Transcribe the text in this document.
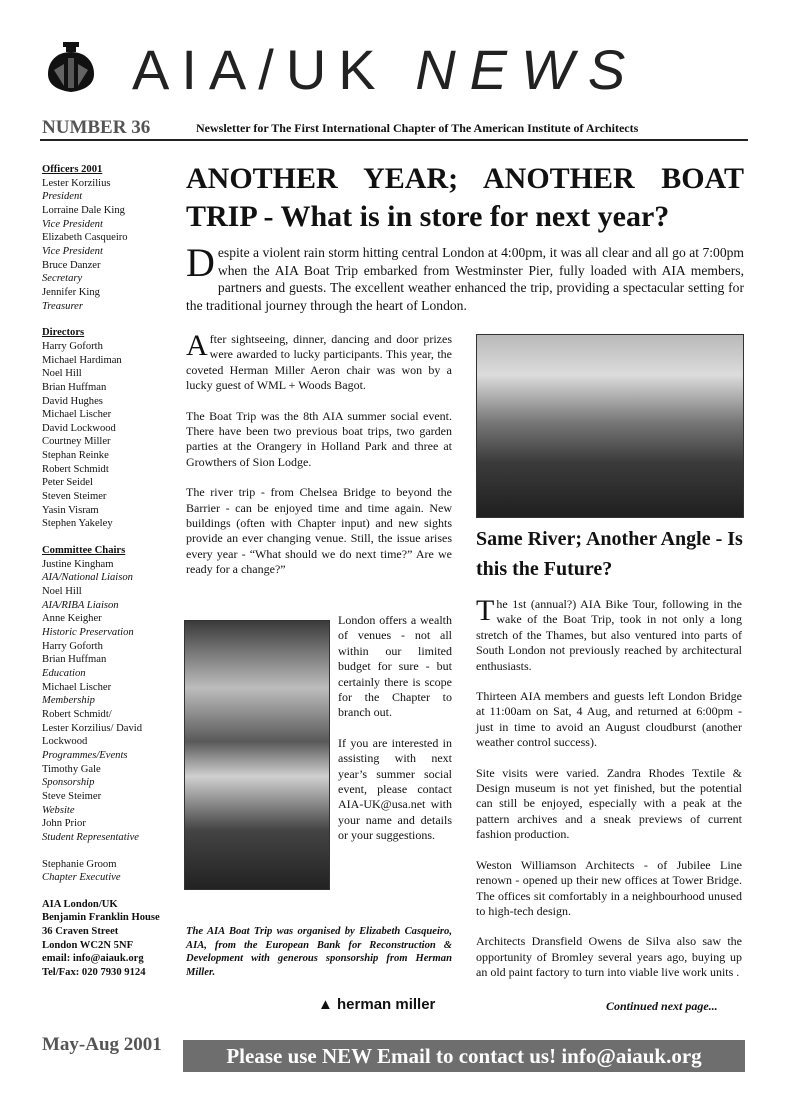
AIA/UK NEWS
NUMBER 36	Newsletter for The First International Chapter of The American Institute of Architects
Officers 2001
Lester Korzilius
President
Lorraine Dale King
Vice President
Elizabeth Casqueiro
Vice President
Bruce Danzer
Secretary
Jennifer King
Treasurer
Directors
Harry Goforth
Michael Hardiman
Noel Hill
Brian Huffman
David Hughes
Michael Lischer
David Lockwood
Courtney Miller
Stephan Reinke
Robert Schmidt
Peter Seidel
Steven Steimer
Yasin Visram
Stephen Yakeley
Committee Chairs
Justine Kingham
AIA/National Liaison
Noel Hill
AIA/RIBA Liaison
Anne Keigher
Historic Preservation
Harry Goforth
Brian Huffman
Education
Michael Lischer
Membership
Robert Schmidt/
Lester Korzilius/ David
Lockwood
Programmes/Events
Timothy Gale
Sponsorship
Steve Steimer
Website
John Prior
Student Representative
Stephanie Groom
Chapter Executive
AIA London/UK
Benjamin Franklin House
36 Craven Street
London WC2N 5NF
email: info@aiauk.org
Tel/Fax: 020 7930 9124
ANOTHER YEAR; ANOTHER BOAT TRIP - What is in store for next year?
Despite a violent rain storm hitting central London at 4:00pm, it was all clear and all go at 7:00pm when the AIA Boat Trip embarked from Westminster Pier, fully loaded with AIA members, partners and guests. The excellent weather enhanced the trip, providing a spectacular setting for the traditional journey through the heart of London.

After sightseeing, dinner, dancing and door prizes were awarded to lucky participants. This year, the coveted Herman Miller Aeron chair was won by a lucky guest of WML + Woods Bagot.

The Boat Trip was the 8th AIA summer social event. There have been two previous boat trips, two garden parties at the Orangery in Holland Park and three at Growthers of Sion Lodge.

The river trip - from Chelsea Bridge to beyond the Barrier - can be enjoyed time and time again. New buildings (often with Chapter input) and new sights provide an ever changing venue. Still, the issue arises every year - “What should we do next time?” Are we ready for a change?”

London offers a wealth of venues - not all within our limited budget for sure - but certainly there is scope for the Chapter to branch out.

If you are interested in assisting with next year’s summer social event, please contact AIA-UK@usa.net with your name and details or your suggestions.

The AIA Boat Trip was organised by Elizabeth Casqueiro, AIA, from the European Bank for Reconstruction & Development with generous sponsorship from Herman Miller.
▲ herman miller
Same River; Another Angle - Is this the Future?

The 1st (annual?) AIA Bike Tour, following in the wake of the Boat Trip, took in not only a long stretch of the Thames, but also ventured into parts of South London not previously reached by architectural enthusiasts.

Thirteen AIA members and guests left London Bridge at 11:00am on Sat, 4 Aug, and returned at 6:00pm - just in time to avoid an August cloudburst (another weather control success).

Site visits were varied. Zandra Rhodes Textile & Design museum is not yet finished, but the potential can still be enjoyed, especially with a peak at the pattern archives and a sneak previews of current fashion production.

Weston Williamson Architects - of Jubilee Line renown - opened up their new offices at Tower Bridge. The offices sit comfortably in a neighbourhood unused to high-tech design.

Architects Dransfield Owens de Silva also saw the opportunity of Bromley several years ago, buying up an old paint factory to turn into viable live work units .

Continued next page...
May-Aug 2001	Please use NEW Email to contact us! info@aiauk.org
